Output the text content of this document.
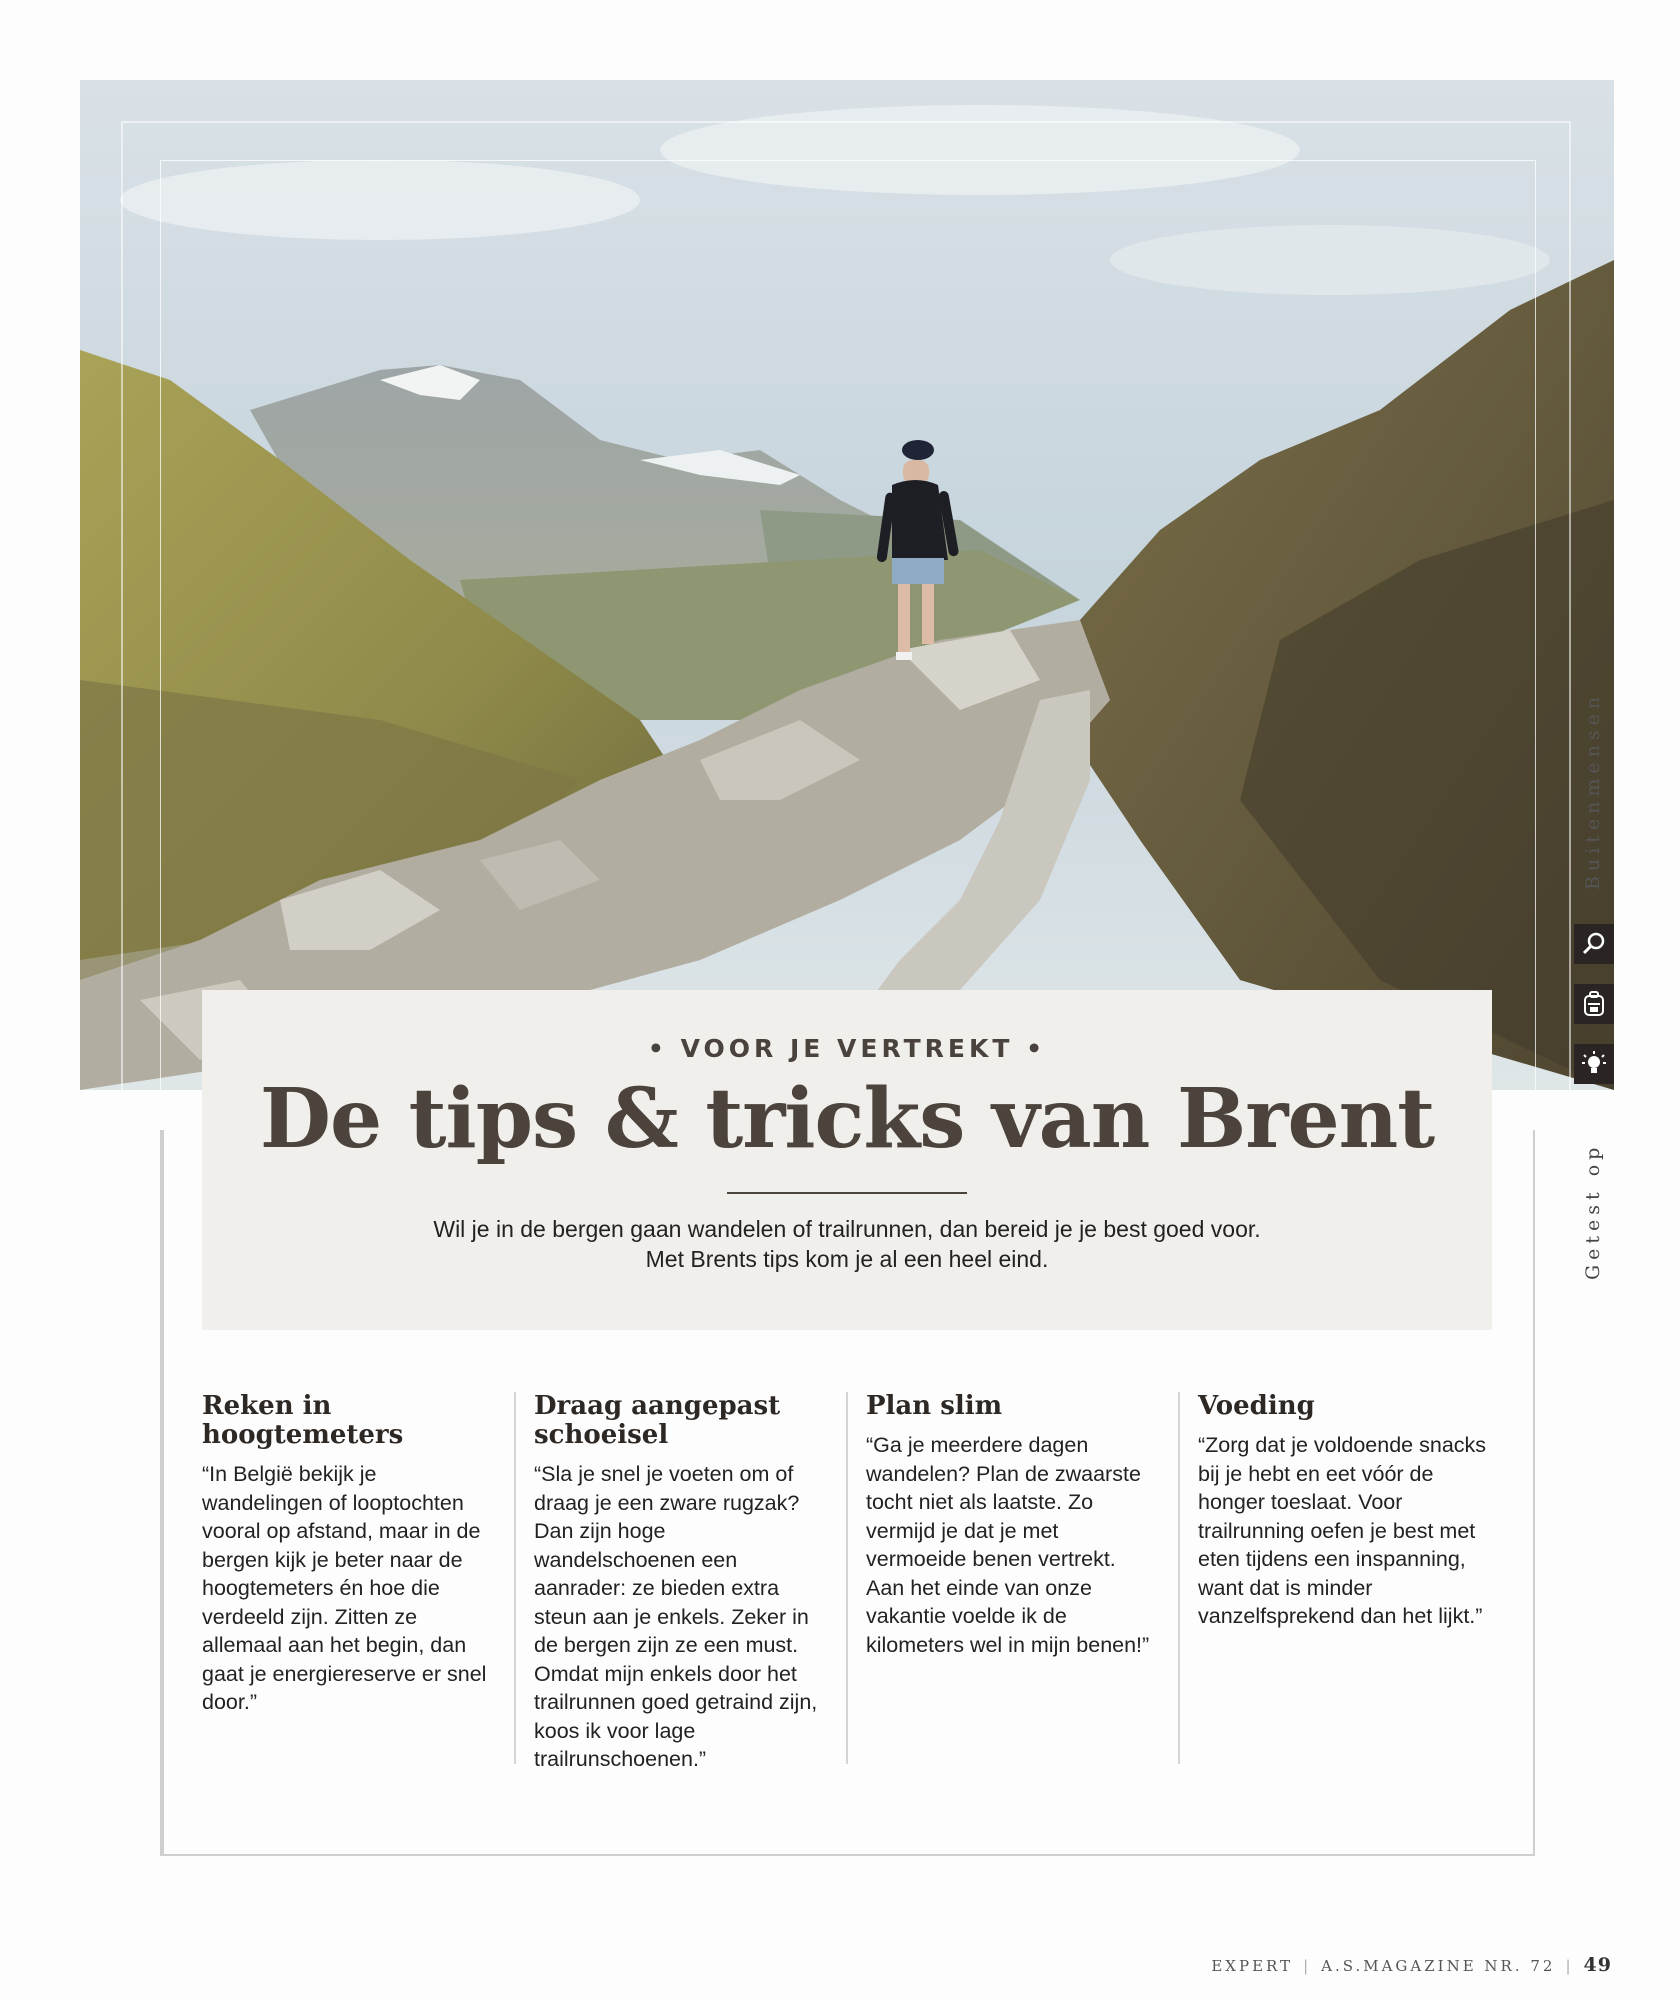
Buitenmensen
Getest op
• VOOR JE VERTREKT •
De tips & tricks van Brent
Wil je in de bergen gaan wandelen of trailrunnen, dan bereid je je best goed voor.
Met Brents tips kom je al een heel eind.
Reken in
hoogtemeters

“In België bekijk je wandelingen of looptochten vooral op afstand, maar in de bergen kijk je beter naar de hoogtemeters én hoe die verdeeld zijn. Zitten ze allemaal aan het begin, dan gaat je energiereserve er snel door.”

Draag aangepast
schoeisel

“Sla je snel je voeten om of draag je een zware rugzak? Dan zijn hoge wandelschoenen een aanrader: ze bieden extra steun aan je enkels. Zeker in de bergen zijn ze een must. Omdat mijn enkels door het trailrunnen goed getraind zijn, koos ik voor lage trailrunschoenen.”

Plan slim

“Ga je meerdere dagen wandelen? Plan de zwaarste tocht niet als laatste. Zo vermijd je dat je met vermoeide benen vertrekt. Aan het einde van onze vakantie voelde ik de kilometers wel in mijn benen!”

Voeding

“Zorg dat je voldoende snacks bij je hebt en eet vóór de honger toeslaat. Voor trailrunning oefen je best met eten tijdens een inspanning, want dat is minder vanzelfsprekend dan het lijkt.”

EXPERT | A.S.MAGAZINE NR. 72 | 49
